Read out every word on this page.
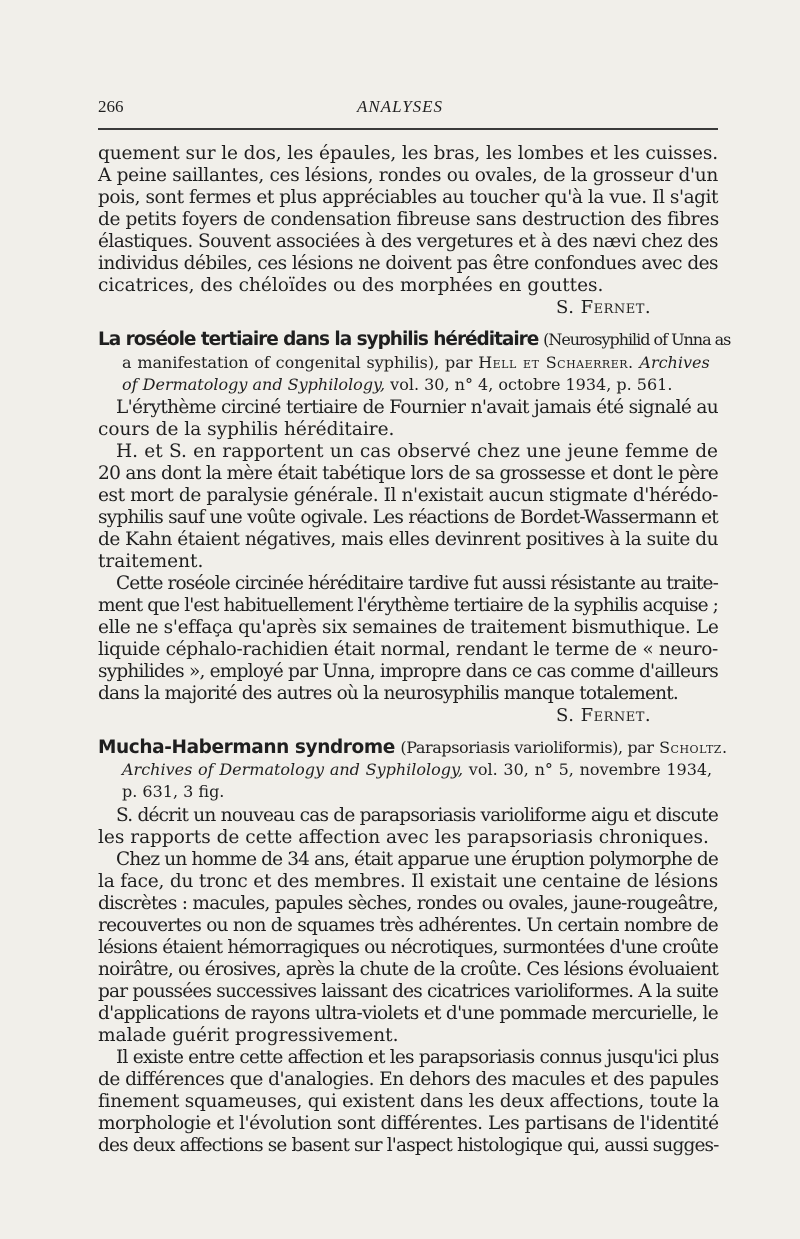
266	ANALYSES
quement sur le dos, les épaules, les bras, les lombes et les cuisses.
A peine saillantes, ces lésions, rondes ou ovales, de la grosseur d'un
pois, sont fermes et plus appréciables au toucher qu'à la vue. Il s'agit
de petits foyers de condensation fibreuse sans destruction des fibres
élastiques. Souvent associées à des vergetures et à des nævi chez des
individus débiles, ces lésions ne doivent pas être confondues avec des
cicatrices, des chéloïdes ou des morphées en gouttes.
S. Fernet.
La roséole tertiaire dans la syphilis héréditaire (Neurosyphilid of Unna as
a manifestation of congenital syphilis), par Hell et Schaerrer. Archives
of Dermatology and Syphilology, vol. 30, n° 4, octobre 1934, p. 561.
L'érythème circiné tertiaire de Fournier n'avait jamais été signalé au
cours de la syphilis héréditaire.
H. et S. en rapportent un cas observé chez une jeune femme de
20 ans dont la mère était tabétique lors de sa grossesse et dont le père
est mort de paralysie générale. Il n'existait aucun stigmate d'hérédo-
syphilis sauf une voûte ogivale. Les réactions de Bordet-Wassermann et
de Kahn étaient négatives, mais elles devinrent positives à la suite du
traitement.
Cette roséole circinée héréditaire tardive fut aussi résistante au traite-
ment que l'est habituellement l'érythème tertiaire de la syphilis acquise ;
elle ne s'effaça qu'après six semaines de traitement bismuthique. Le
liquide céphalo-rachidien était normal, rendant le terme de « neuro-
syphilides », employé par Unna, impropre dans ce cas comme d'ailleurs
dans la majorité des autres où la neurosyphilis manque totalement.
S. Fernet.
Mucha-Habermann syndrome (Parapsoriasis varioliformis), par Scholtz.
Archives of Dermatology and Syphilology, vol. 30, n° 5, novembre 1934,
p. 631, 3 fig.
S. décrit un nouveau cas de parapsoriasis varioliforme aigu et discute
les rapports de cette affection avec les parapsoriasis chroniques.
Chez un homme de 34 ans, était apparue une éruption polymorphe de
la face, du tronc et des membres. Il existait une centaine de lésions
discrètes : macules, papules sèches, rondes ou ovales, jaune-rougeâtre,
recouvertes ou non de squames très adhérentes. Un certain nombre de
lésions étaient hémorragiques ou nécrotiques, surmontées d'une croûte
noirâtre, ou érosives, après la chute de la croûte. Ces lésions évoluaient
par poussées successives laissant des cicatrices varioliformes. A la suite
d'applications de rayons ultra-violets et d'une pommade mercurielle, le
malade guérit progressivement.
Il existe entre cette affection et les parapsoriasis connus jusqu'ici plus
de différences que d'analogies. En dehors des macules et des papules
finement squameuses, qui existent dans les deux affections, toute la
morphologie et l'évolution sont différentes. Les partisans de l'identité
des deux affections se basent sur l'aspect histologique qui, aussi sugges-
